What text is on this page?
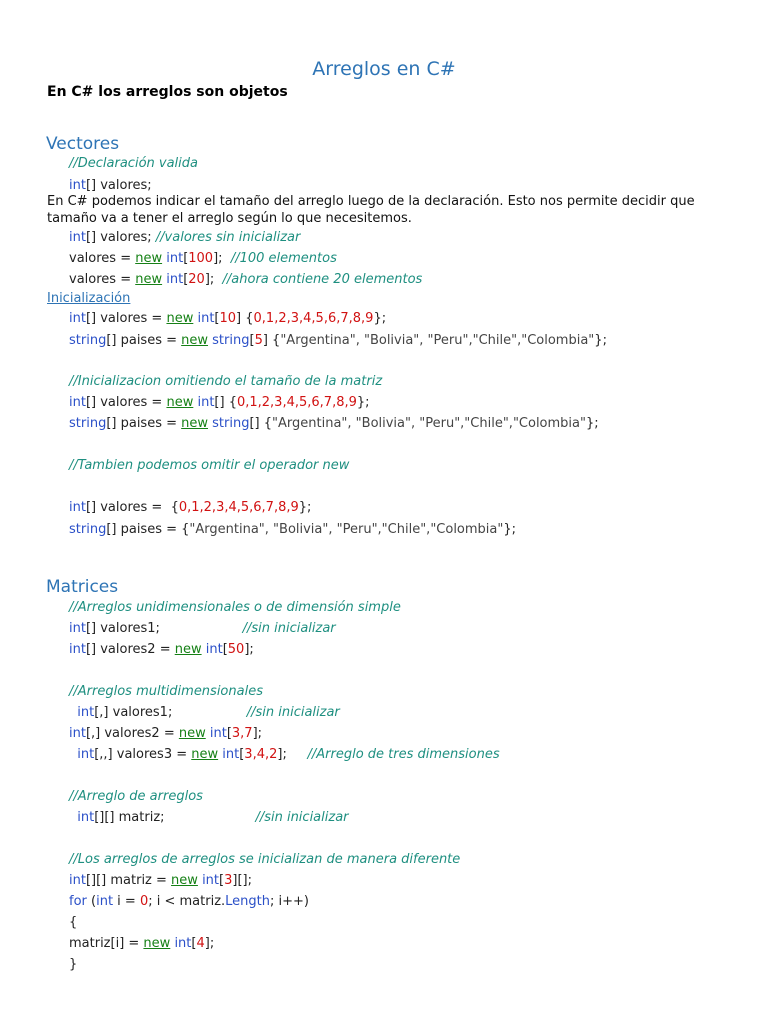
Arreglos en C#
En C# los arreglos son objetos
Vectores
//Declaración valida
int[] valores;
En C# podemos indicar el tamaño del arreglo luego de la declaración. Esto nos permite decidir que tamaño va a tener el arreglo según lo que necesitemos.
int[] valores; //valores sin inicializar
valores = new int[100];  //100 elementos
valores = new int[20];  //ahora contiene 20 elementos
Inicialización
int[] valores = new int[10] {0,1,2,3,4,5,6,7,8,9};
string[] paises = new string[5] {"Argentina", "Bolivia", "Peru","Chile","Colombia"};
//Inicializacion omitiendo el tamaño de la matriz
int[] valores = new int[] {0,1,2,3,4,5,6,7,8,9};
string[] paises = new string[] {"Argentina", "Bolivia", "Peru","Chile","Colombia"};
//Tambien podemos omitir el operador new
int[] valores =  {0,1,2,3,4,5,6,7,8,9};
string[] paises = {"Argentina", "Bolivia", "Peru","Chile","Colombia"};
Matrices
//Arreglos unidimensionales o de dimensión simple
int[] valores1;                    //sin inicializar
int[] valores2 = new int[50];
//Arreglos multidimensionales
int[,] valores1;                  //sin inicializar
int[,] valores2 = new int[3,7];
int[,,] valores3 = new int[3,4,2];     //Arreglo de tres dimensiones
//Arreglo de arreglos
int[][] matriz;                      //sin inicializar
//Los arreglos de arreglos se inicializan de manera diferente
int[][] matriz = new int[3][];
for (int i = 0; i < matriz.Length; i++)
{
matriz[i] = new int[4];
}
